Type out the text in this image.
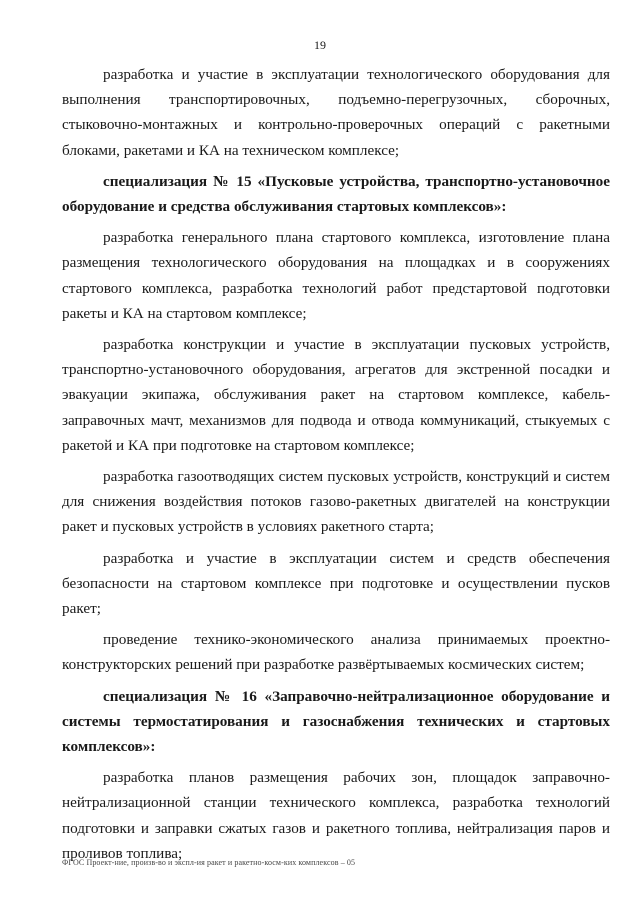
19

разработка и участие в эксплуатации технологического оборудования для выполнения транспортировочных, подъемно-перегрузочных, сборочных, стыковочно-монтажных и контрольно-проверочных операций с ракетными блоками, ракетами и КА на техническом комплексе;

специализация № 15 «Пусковые устройства, транспортно-установочное оборудование и средства обслуживания стартовых комплексов»:

разработка генерального плана стартового комплекса, изготовление плана размещения технологического оборудования на площадках и в сооружениях стартового комплекса, разработка технологий работ предстартовой подготовки ракеты и КА на стартовом комплексе;

разработка конструкции и участие в эксплуатации пусковых устройств, транспортно-установочного оборудования, агрегатов для экстренной посадки и эвакуации экипажа, обслуживания ракет на стартовом комплексе, кабель-заправочных мачт, механизмов для подвода и отвода коммуникаций, стыкуемых с ракетой и КА при подготовке на стартовом комплексе;

разработка газоотводящих систем пусковых устройств, конструкций и систем для снижения воздействия потоков газово-ракетных двигателей на конструкции ракет и пусковых устройств в условиях ракетного старта;

разработка и участие в эксплуатации систем и средств обеспечения безопасности на стартовом комплексе при подготовке и осуществлении пусков ракет;

проведение технико-экономического анализа принимаемых проектно-конструкторских решений при разработке развёртываемых космических систем;

специализация № 16 «Заправочно-нейтрализационное оборудование и системы термостатирования и газоснабжения технических и стартовых комплексов»:

разработка планов размещения рабочих зон, площадок заправочно-нейтрализационной станции технического комплекса, разработка технологий подготовки и заправки сжатых газов и ракетного топлива, нейтрализация паров и проливов топлива;

ФГОС Проект-ние, произв-во и экспл-ия ракет и ракетно-косм-ких комплексов – 05
